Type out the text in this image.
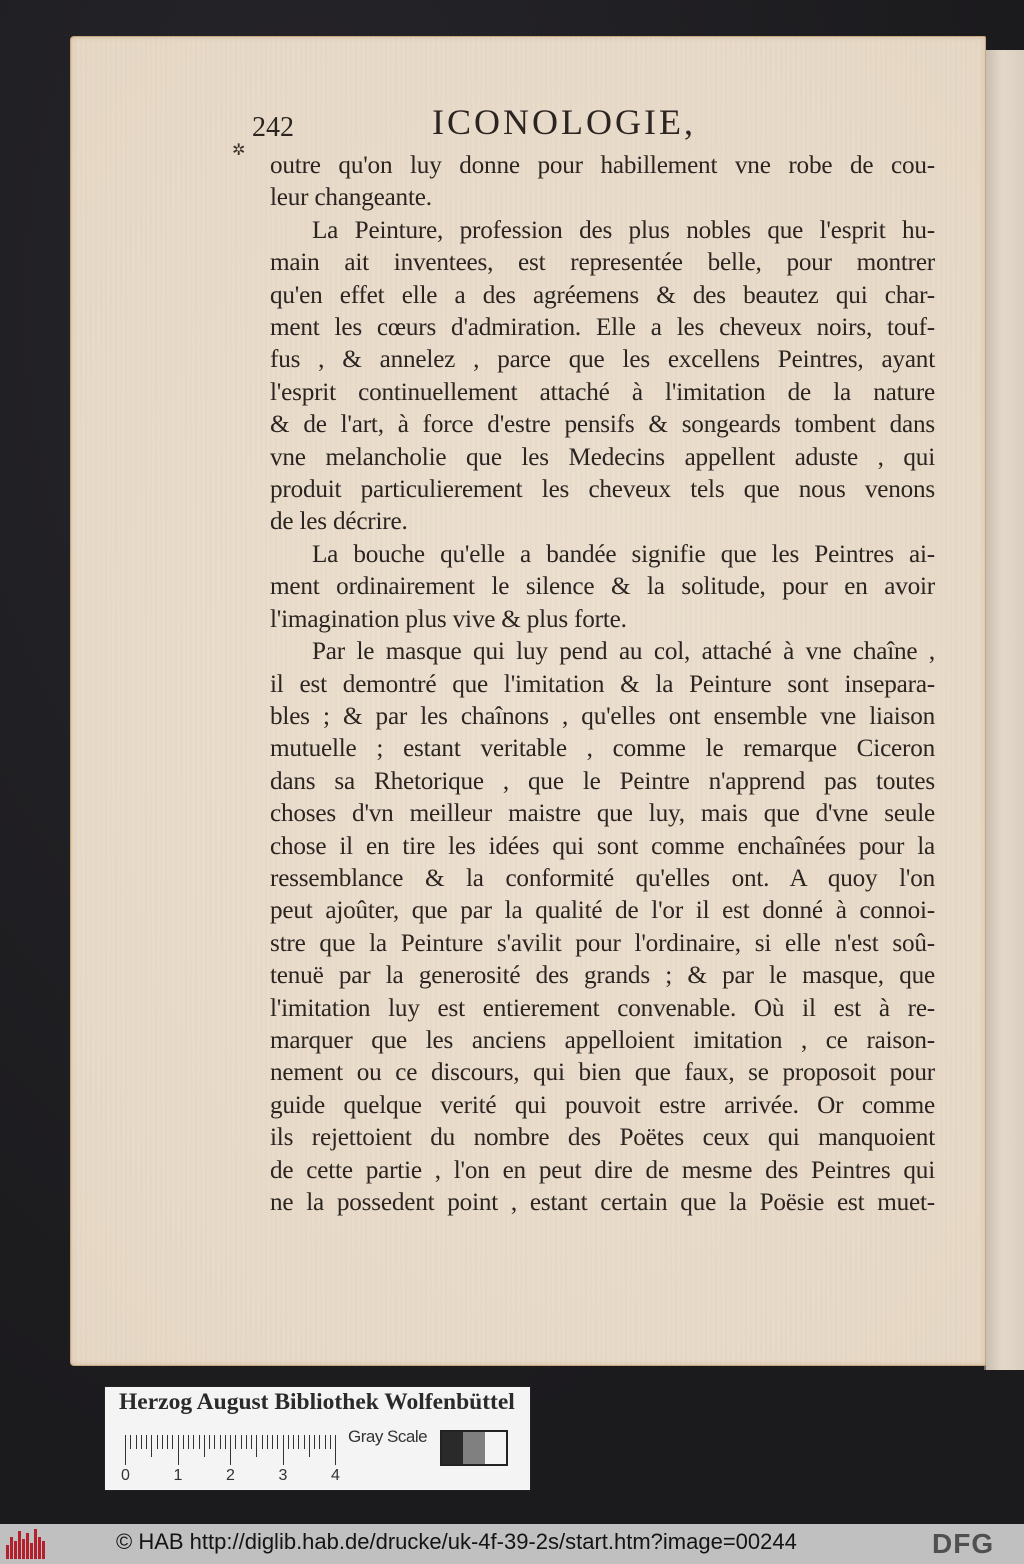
✲
242	ICONOLOGIE,
outre qu'on luy donne pour habillement vne robe de cou-
leur changeante.
La Peinture, profession des plus nobles que l'esprit hu-
main ait inventees, est representée belle, pour montrer
qu'en effet elle a des agréemens & des beautez qui char-
ment les cœurs d'admiration. Elle a les cheveux noirs, touf-
fus , & annelez , parce que les excellens Peintres, ayant
l'esprit continuellement attaché à l'imitation de la nature
& de l'art, à force d'estre pensifs & songeards tombent dans
vne melancholie que les Medecins appellent aduste , qui
produit particulierement les cheveux tels que nous venons
de les décrire.
La bouche qu'elle a bandée signifie que les Peintres ai-
ment ordinairement le silence & la solitude, pour en avoir
l'imagination plus vive & plus forte.
Par le masque qui luy pend au col, attaché à vne chaîne ,
il est demontré que l'imitation & la Peinture sont insepara-
bles ; & par les chaînons , qu'elles ont ensemble vne liaison
mutuelle ; estant veritable , comme le remarque Ciceron
dans sa Rhetorique , que le Peintre n'apprend pas toutes
choses d'vn meilleur maistre que luy, mais que d'vne seule
chose il en tire les idées qui sont comme enchaînées pour la
ressemblance & la conformité qu'elles ont. A quoy l'on
peut ajoûter, que par la qualité de l'or il est donné à connoi-
stre que la Peinture s'avilit pour l'ordinaire, si elle n'est soû-
tenuë par la generosité des grands ; & par le masque, que
l'imitation luy est entierement convenable. Où il est à re-
marquer que les anciens appelloient imitation , ce raison-
nement ou ce discours, qui bien que faux, se proposoit pour
guide quelque verité qui pouvoit estre arrivée. Or comme
ils rejettoient du nombre des Poëtes ceux qui manquoient
de cette partie , l'on en peut dire de mesme des Peintres qui
ne la possedent point , estant certain que la Poësie est muet-
Herzog August Bibliothek Wolfenbüttel
0	1	2	3	4
Gray Scale
© HAB http://diglib.hab.de/drucke/uk-4f-39-2s/start.htm?image=00244	DFG
